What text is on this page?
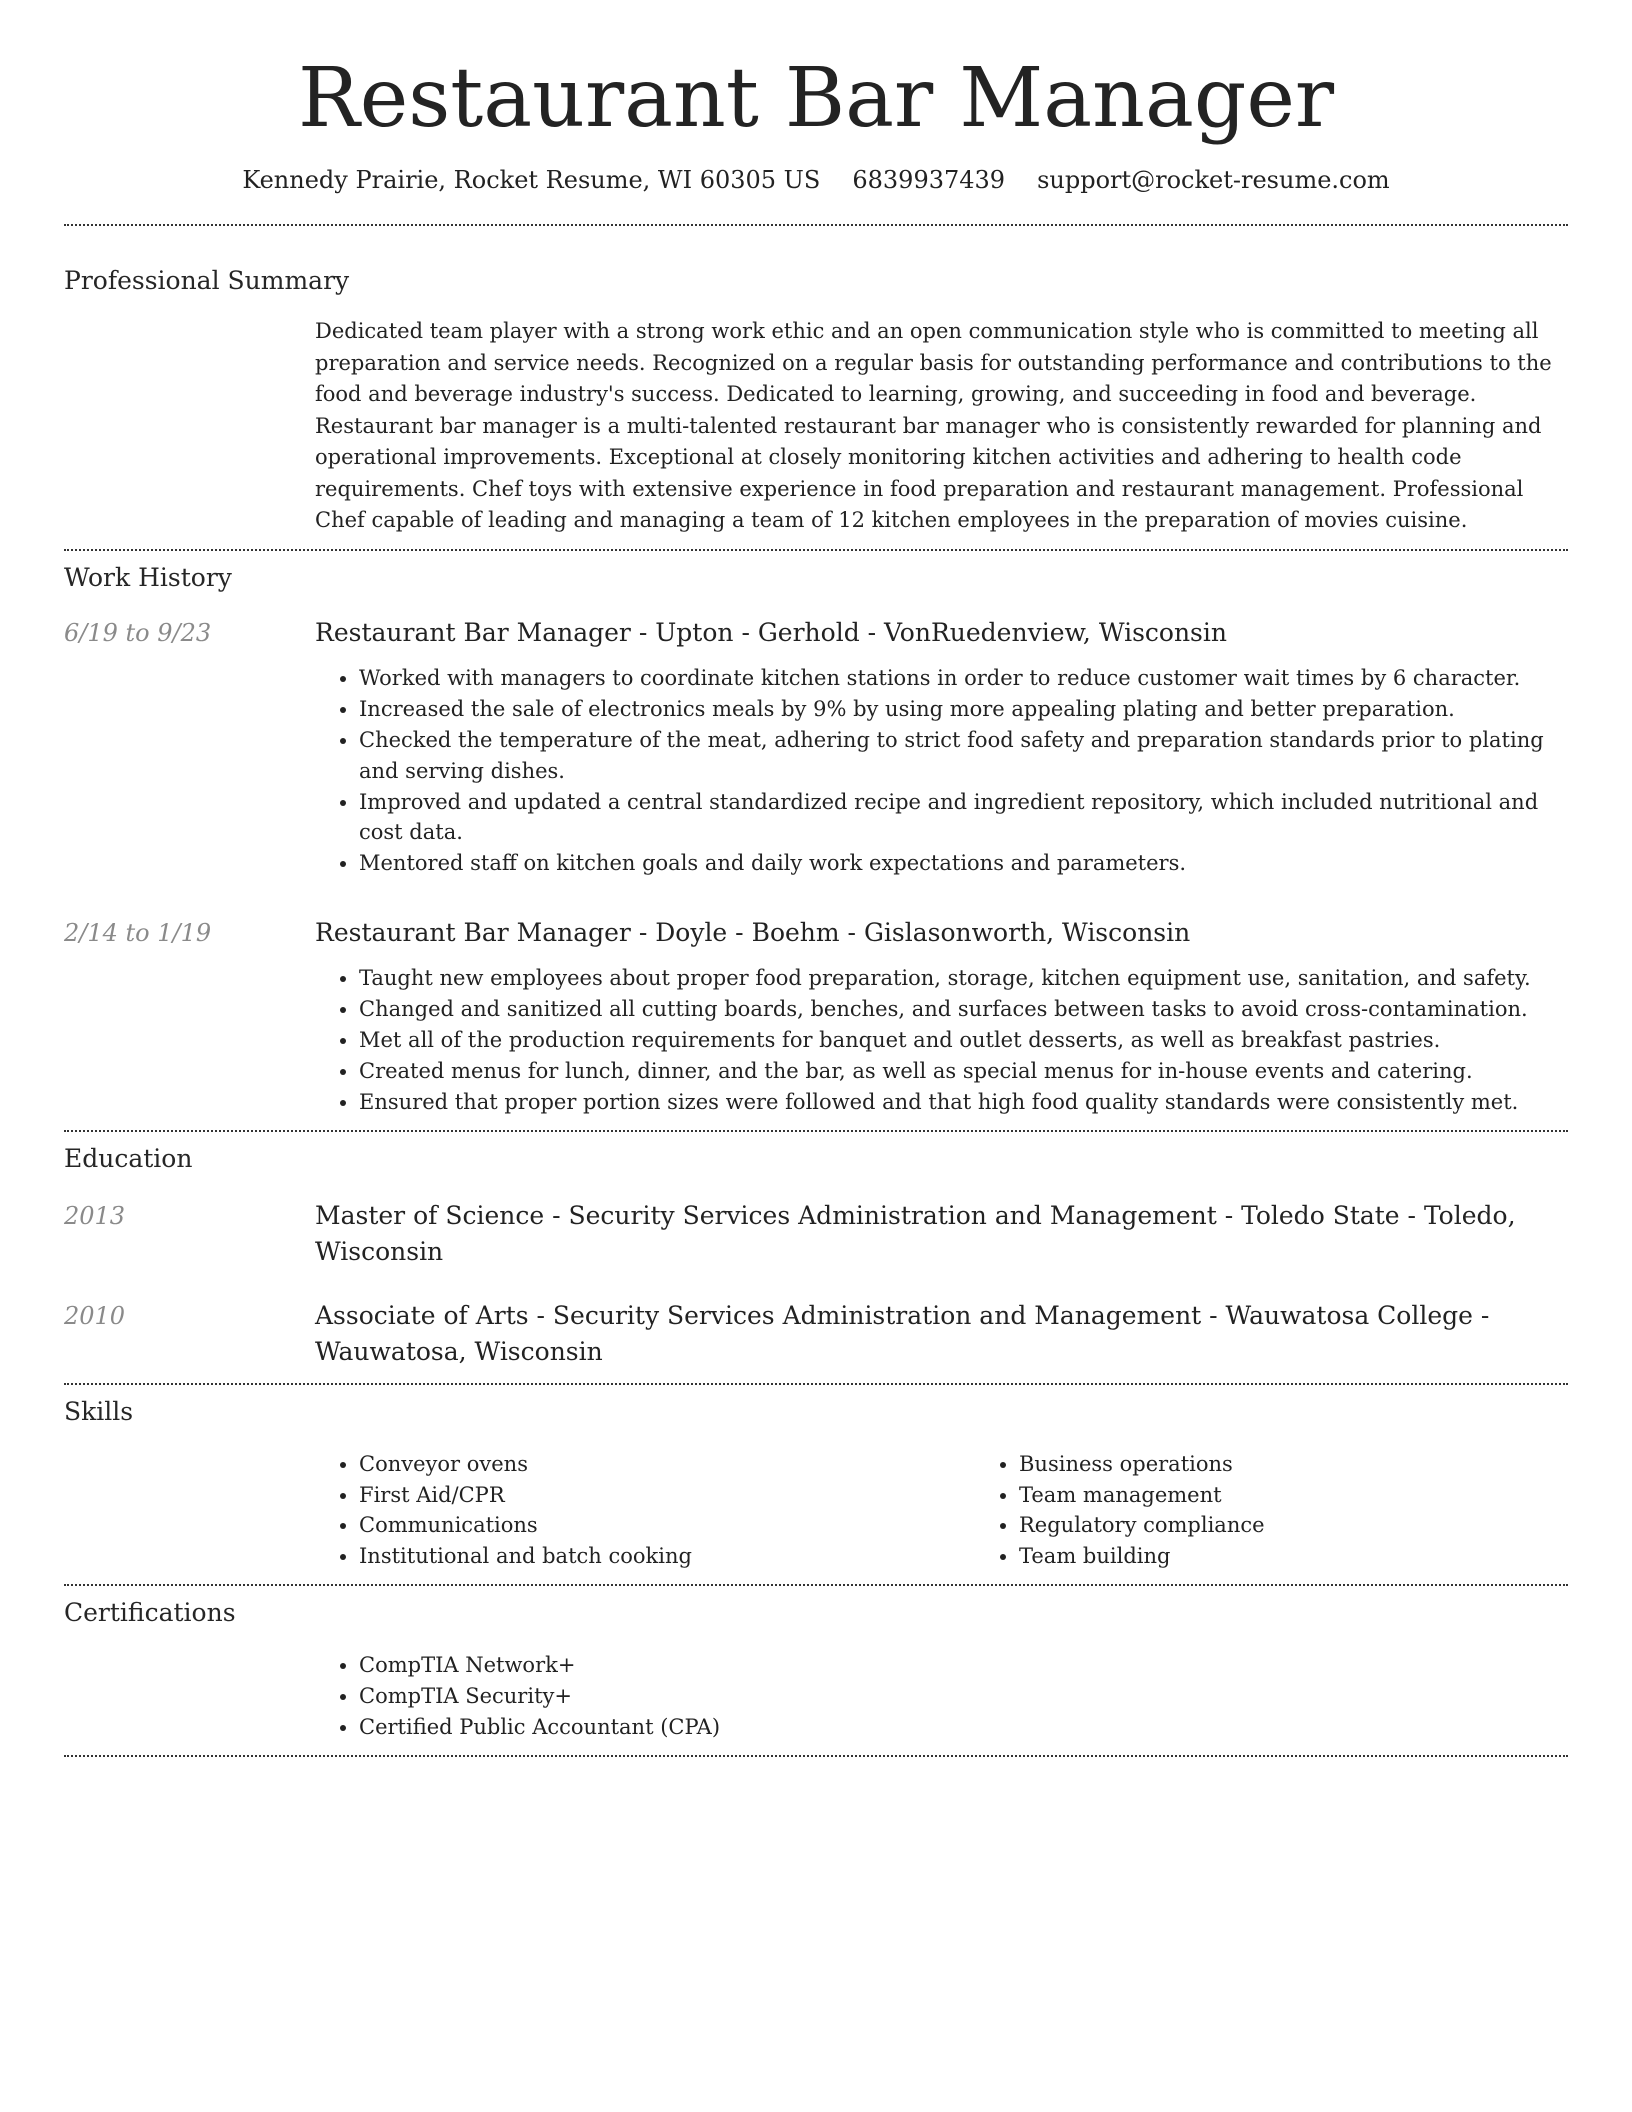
Restaurant Bar Manager
Kennedy Prairie, Rocket Resume, WI 60305 US 6839937439 support@rocket-resume.com
Professional Summary

Dedicated team player with a strong work ethic and an open communication style who is committed to meeting all preparation and service needs. Recognized on a regular basis for outstanding performance and contributions to the food and beverage industry's success. Dedicated to learning, growing, and succeeding in food and beverage. Restaurant bar manager is a multi-talented restaurant bar manager who is consistently rewarded for planning and operational improvements. Exceptional at closely monitoring kitchen activities and adhering to health code requirements. Chef toys with extensive experience in food preparation and restaurant management. Professional Chef capable of leading and managing a team of 12 kitchen employees in the preparation of movies cuisine.

Work History
6/19 to 9/23	Restaurant Bar Manager - Upton - Gerhold - VonRuedenview, Wisconsin
• Worked with managers to coordinate kitchen stations in order to reduce customer wait times by 6 character.
• Increased the sale of electronics meals by 9% by using more appealing plating and better preparation.
• Checked the temperature of the meat, adhering to strict food safety and preparation standards prior to plating and serving dishes.
• Improved and updated a central standardized recipe and ingredient repository, which included nutritional and cost data.
• Mentored staff on kitchen goals and daily work expectations and parameters.
2/14 to 1/19	Restaurant Bar Manager - Doyle - Boehm - Gislasonworth, Wisconsin
• Taught new employees about proper food preparation, storage, kitchen equipment use, sanitation, and safety.
• Changed and sanitized all cutting boards, benches, and surfaces between tasks to avoid cross-contamination.
• Met all of the production requirements for banquet and outlet desserts, as well as breakfast pastries.
• Created menus for lunch, dinner, and the bar, as well as special menus for in-house events and catering.
• Ensured that proper portion sizes were followed and that high food quality standards were consistently met.
Education
2013	Master of Science - Security Services Administration and Management - Toledo State - Toledo, Wisconsin
2010	Associate of Arts - Security Services Administration and Management - Wauwatosa College - Wauwatosa, Wisconsin
Skills
• Conveyor ovens
• First Aid/CPR
• Communications
• Institutional and batch cooking
• Business operations
• Team management
• Regulatory compliance
• Team building
Certifications
• CompTIA Network+
• CompTIA Security+
• Certified Public Accountant (CPA)
